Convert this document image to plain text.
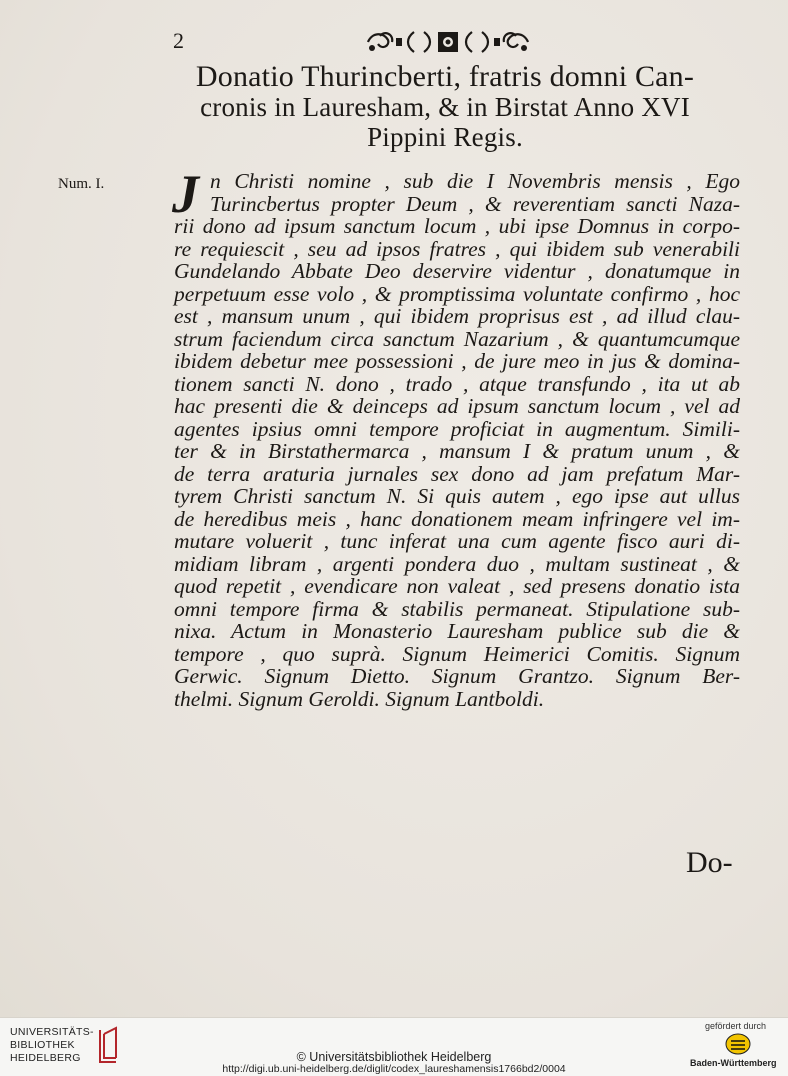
2
Donatio Thurincberti, fratris domni Can-
cronis in Lauresham, & in Birstat Anno XVI
Pippini Regis.
Num. I. J n Christi nomine , sub die I Novembris mensis , Ego
Turincbertus propter Deum , & reverentiam sancti Naza-
rii dono ad ipsum sanctum locum , ubi ipse Domnus in corpo-
re requiescit , seu ad ipsos fratres , qui ibidem sub venerabili
Gundelando Abbate Deo deservire videntur , donatumque in
perpetuum esse volo , & promptissima voluntate confirmo , hoc
est , mansum unum , qui ibidem proprisus est , ad illud clau-
strum faciendum circa sanctum Nazarium , & quantumcumque
ibidem debetur mee possessioni , de jure meo in jus & domina-
tionem sancti N. dono , trado , atque transfundo , ita ut ab
hac presenti die & deinceps ad ipsum sanctum locum , vel ad
agentes ipsius omni tempore proficiat in augmentum. Simili-
ter & in Birstathermarca , mansum I & pratum unum , &
de terra araturia jurnales sex dono ad jam prefatum Mar-
tyrem Christi sanctum N. Si quis autem , ego ipse aut ullus
de heredibus meis , hanc donationem meam infringere vel im-
mutare voluerit , tunc inferat una cum agente fisco auri di-
midiam libram , argenti pondera duo , multam sustineat , &
quod repetit , evendicare non valeat , sed presens donatio ista
omni tempore firma & stabilis permaneat. Stipulatione sub-
nixa. Actum in Monasterio Lauresham publice sub die &
tempore , quo suprà. Signum Heimerici Comitis. Signum
Gerwic. Signum Dietto. Signum Grantzo. Signum Ber-
thelmi. Signum Geroldi. Signum Lantboldi.
Do-
UNIVERSITÄTS-
BIBLIOTHEK
HEIDELBERG	© Universitätsbibliothek Heidelberg
http://digi.ub.uni-heidelberg.de/diglit/codex_laureshamensis1766bd2/0004
gefördert durch
Baden-Württemberg
